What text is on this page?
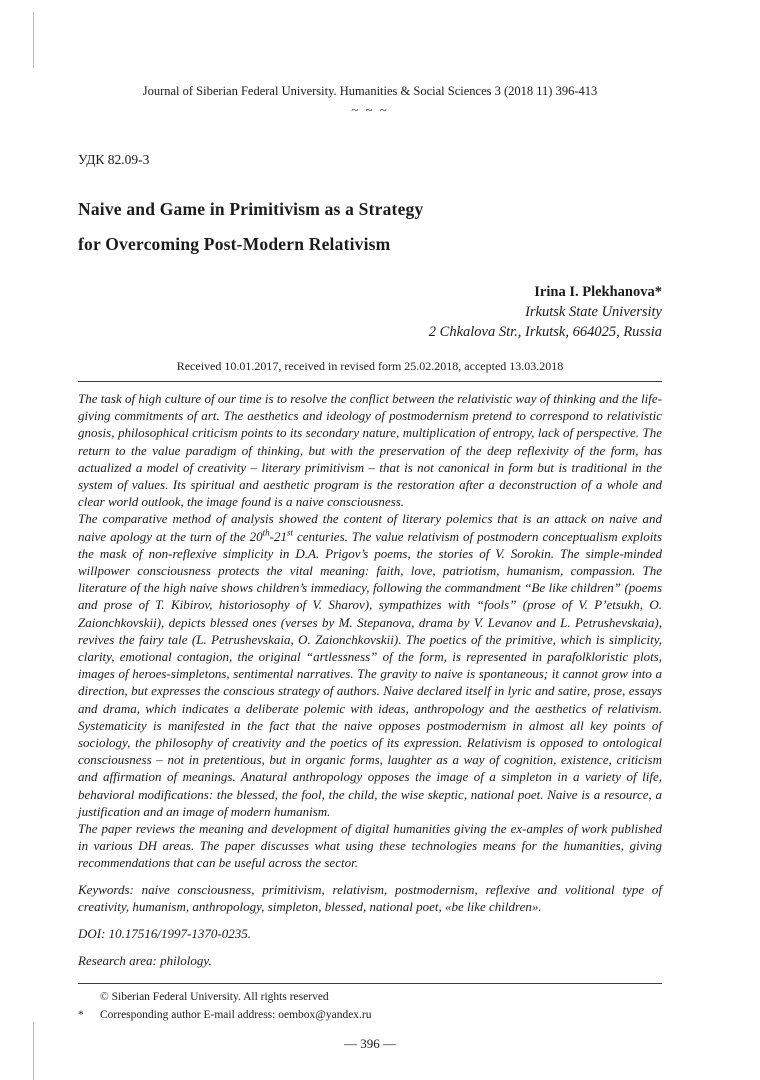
Journal of Siberian Federal University. Humanities & Social Sciences 3 (2018 11) 396-413
~ ~ ~
УДК 82.09-3
Naive and Game in Primitivism as a Strategy
for Overcoming Post-Modern Relativism
Irina I. Plekhanova*
Irkutsk State University
2 Chkalova Str., Irkutsk, 664025, Russia
Received 10.01.2017, received in revised form 25.02.2018, accepted 13.03.2018

The task of high culture of our time is to resolve the conflict between the relativistic way of thinking and the life-giving commitments of art. The aesthetics and ideology of postmodernism pretend to correspond to relativistic gnosis, philosophical criticism points to its secondary nature, multiplication of entropy, lack of perspective. The return to the value paradigm of thinking, but with the preservation of the deep reflexivity of the form, has actualized a model of creativity – literary primitivism – that is not canonical in form but is traditional in the system of values. Its spiritual and aesthetic program is the restoration after a deconstruction of a whole and clear world outlook, the image found is a naive consciousness.

The comparative method of analysis showed the content of literary polemics that is an attack on naive and naive apology at the turn of the 20th-21st centuries. The value relativism of postmodern conceptualism exploits the mask of non-reflexive simplicity in D.A. Prigov’s poems, the stories of V. Sorokin. The simple-minded willpower consciousness protects the vital meaning: faith, love, patriotism, humanism, compassion. The literature of the high naive shows children’s immediacy, following the commandment “Be like children” (poems and prose of T. Kibirov, historiosophy of V. Sharov), sympathizes with “fools” (prose of V. P’etsukh, O. Zaionchkovskii), depicts blessed ones (verses by M. Stepanova, drama by V. Levanov and L. Petrushevskaia), revives the fairy tale (L. Petrushevskaia, O. Zaionchkovskii). The poetics of the primitive, which is simplicity, clarity, emotional contagion, the original “artlessness” of the form, is represented in parafolkloristic plots, images of heroes-simpletons, sentimental narratives. The gravity to naive is spontaneous; it cannot grow into a direction, but expresses the conscious strategy of authors. Naive declared itself in lyric and satire, prose, essays and drama, which indicates a deliberate polemic with ideas, anthropology and the aesthetics of relativism. Systematicity is manifested in the fact that the naive opposes postmodernism in almost all key points of sociology, the philosophy of creativity and the poetics of its expression. Relativism is opposed to ontological consciousness – not in pretentious, but in organic forms, laughter as a way of cognition, existence, criticism and affirmation of meanings. Anatural anthropology opposes the image of a simpleton in a variety of life, behavioral modifications: the blessed, the fool, the child, the wise skeptic, national poet. Naive is a resource, a justification and an image of modern humanism.

The paper reviews the meaning and development of digital humanities giving the ex-amples of work published in various DH areas. The paper discusses what using these technologies means for the humanities, giving recommendations that can be useful across the sector.

Keywords: naive consciousness, primitivism, relativism, postmodernism, reflexive and volitional type of creativity, humanism, anthropology, simpleton, blessed, national poet, «be like children».
DOI: 10.17516/1997-1370-0235.
Research area: philology.
© Siberian Federal University. All rights reserved
*	Corresponding author E-mail address: oembox@yandex.ru
— 396 —
